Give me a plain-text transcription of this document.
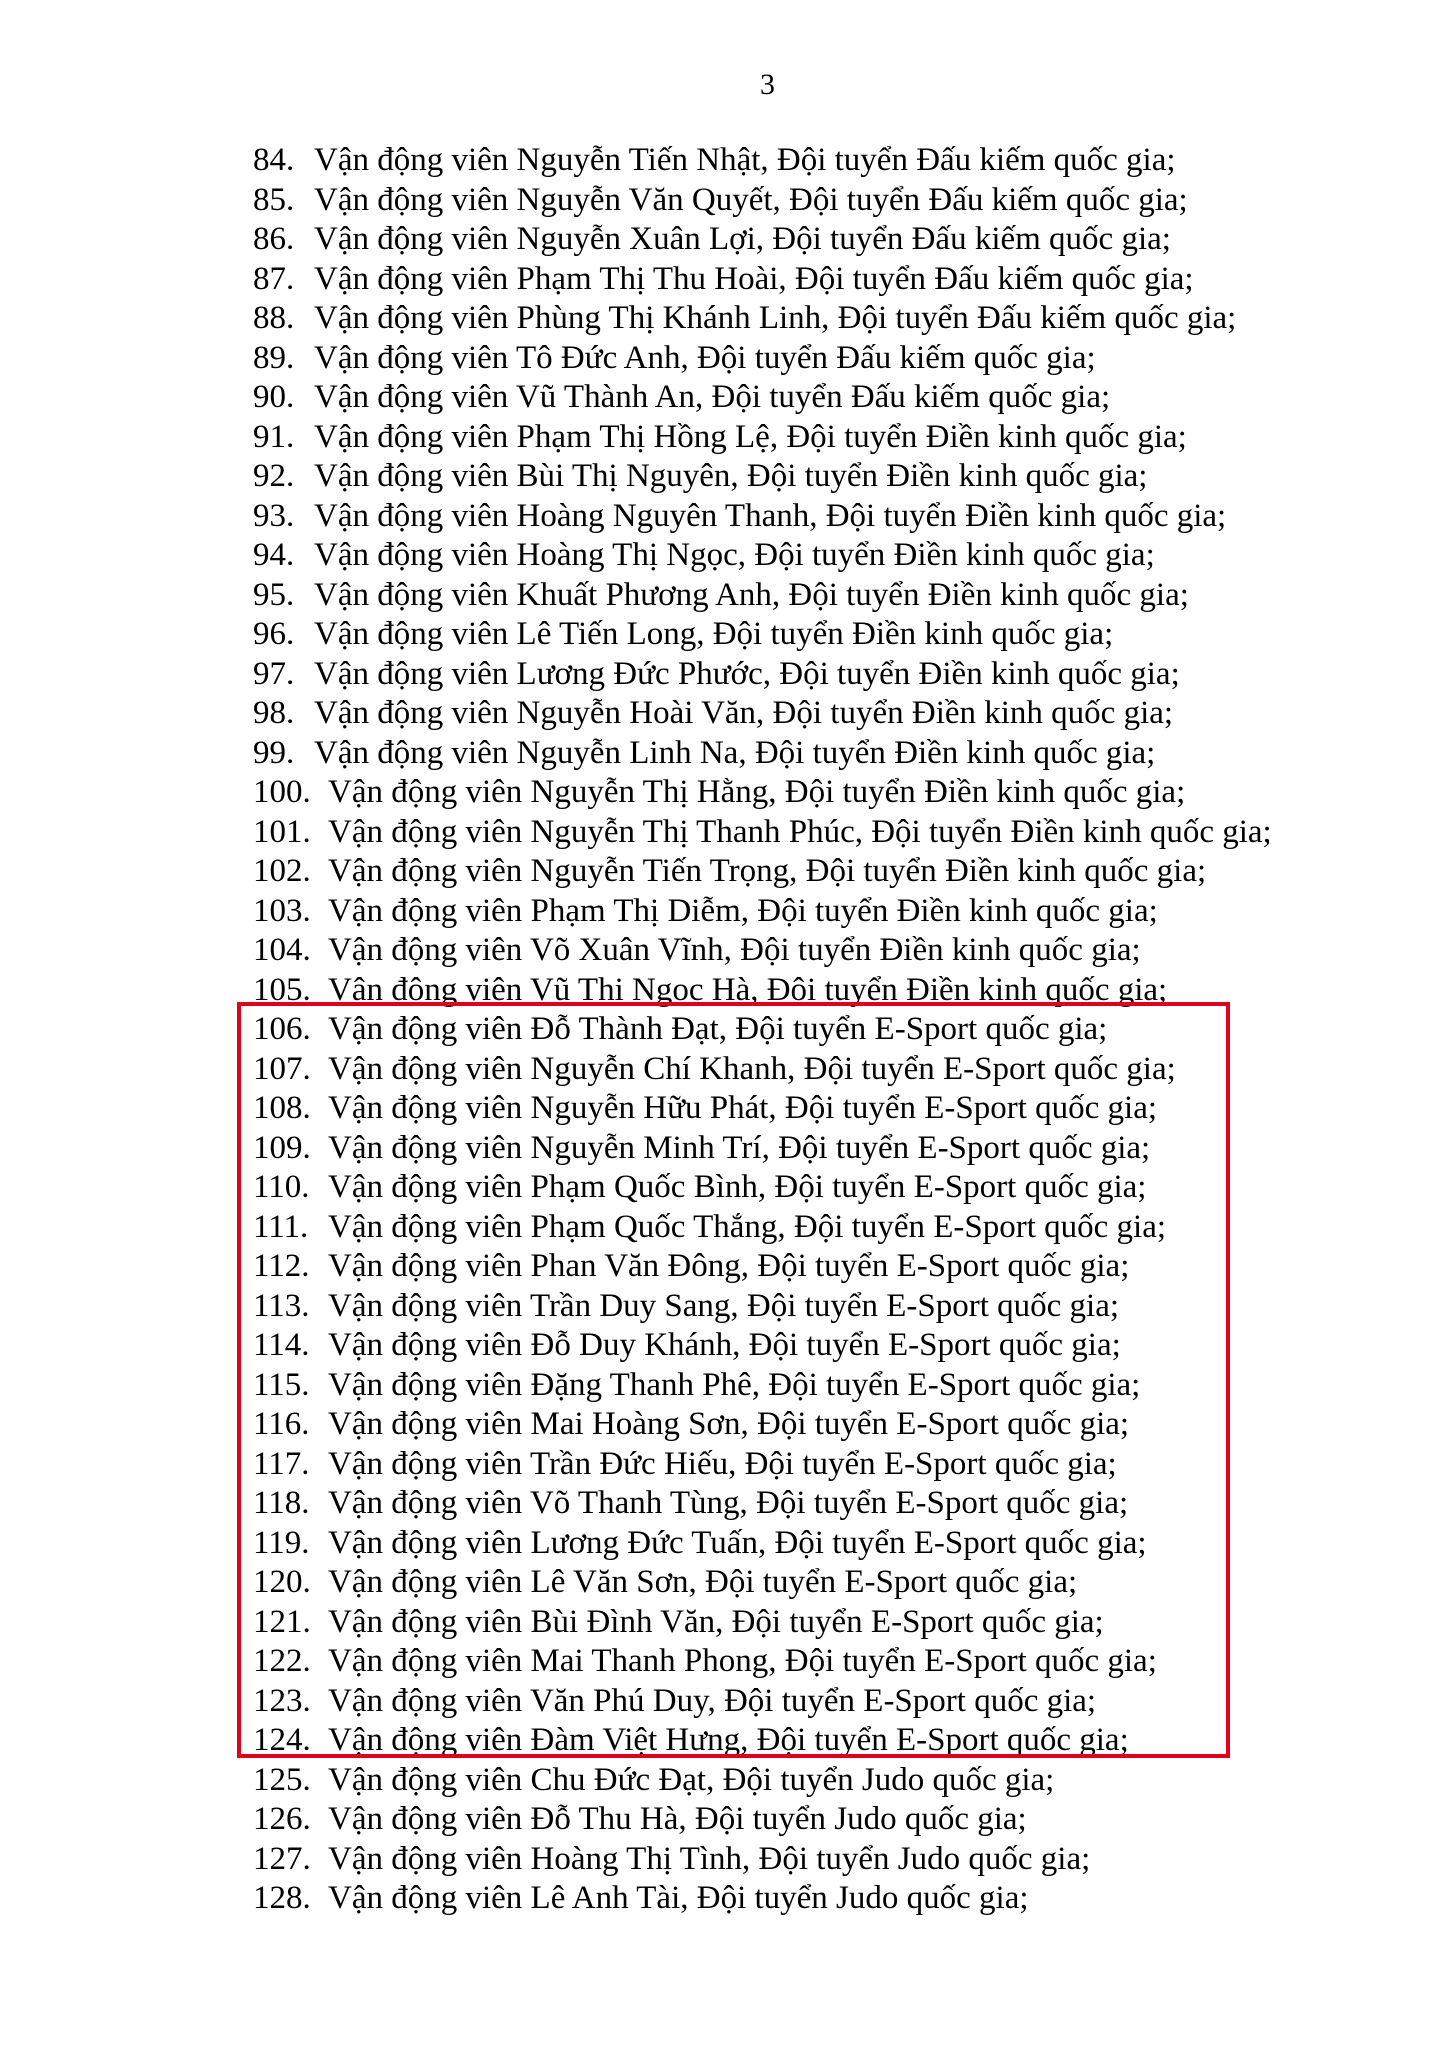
3
84. Vận động viên Nguyễn Tiến Nhật, Đội tuyển Đấu kiếm quốc gia;
85. Vận động viên Nguyễn Văn Quyết, Đội tuyển Đấu kiếm quốc gia;
86. Vận động viên Nguyễn Xuân Lợi, Đội tuyển Đấu kiếm quốc gia;
87. Vận động viên Phạm Thị Thu Hoài, Đội tuyển Đấu kiếm quốc gia;
88. Vận động viên Phùng Thị Khánh Linh, Đội tuyển Đấu kiếm quốc gia;
89. Vận động viên Tô Đức Anh, Đội tuyển Đấu kiếm quốc gia;
90. Vận động viên Vũ Thành An, Đội tuyển Đấu kiếm quốc gia;
91. Vận động viên Phạm Thị Hồng Lệ, Đội tuyển Điền kinh quốc gia;
92. Vận động viên Bùi Thị Nguyên, Đội tuyển Điền kinh quốc gia;
93. Vận động viên Hoàng Nguyên Thanh, Đội tuyển Điền kinh quốc gia;
94. Vận động viên Hoàng Thị Ngọc, Đội tuyển Điền kinh quốc gia;
95. Vận động viên Khuất Phương Anh, Đội tuyển Điền kinh quốc gia;
96. Vận động viên Lê Tiến Long, Đội tuyển Điền kinh quốc gia;
97. Vận động viên Lương Đức Phước, Đội tuyển Điền kinh quốc gia;
98. Vận động viên Nguyễn Hoài Văn, Đội tuyển Điền kinh quốc gia;
99. Vận động viên Nguyễn Linh Na, Đội tuyển Điền kinh quốc gia;
100. Vận động viên Nguyễn Thị Hằng, Đội tuyển Điền kinh quốc gia;
101. Vận động viên Nguyễn Thị Thanh Phúc, Đội tuyển Điền kinh quốc gia;
102. Vận động viên Nguyễn Tiến Trọng, Đội tuyển Điền kinh quốc gia;
103. Vận động viên Phạm Thị Diễm, Đội tuyển Điền kinh quốc gia;
104. Vận động viên Võ Xuân Vĩnh, Đội tuyển Điền kinh quốc gia;
105. Vận động viên Vũ Thị Ngọc Hà, Đội tuyển Điền kinh quốc gia;
106. Vận động viên Đỗ Thành Đạt, Đội tuyển E-Sport quốc gia;
107. Vận động viên Nguyễn Chí Khanh, Đội tuyển E-Sport quốc gia;
108. Vận động viên Nguyễn Hữu Phát, Đội tuyển E-Sport quốc gia;
109. Vận động viên Nguyễn Minh Trí, Đội tuyển E-Sport quốc gia;
110. Vận động viên Phạm Quốc Bình, Đội tuyển E-Sport quốc gia;
111. Vận động viên Phạm Quốc Thắng, Đội tuyển E-Sport quốc gia;
112. Vận động viên Phan Văn Đông, Đội tuyển E-Sport quốc gia;
113. Vận động viên Trần Duy Sang, Đội tuyển E-Sport quốc gia;
114. Vận động viên Đỗ Duy Khánh, Đội tuyển E-Sport quốc gia;
115. Vận động viên Đặng Thanh Phê, Đội tuyển E-Sport quốc gia;
116. Vận động viên Mai Hoàng Sơn, Đội tuyển E-Sport quốc gia;
117. Vận động viên Trần Đức Hiếu, Đội tuyển E-Sport quốc gia;
118. Vận động viên Võ Thanh Tùng, Đội tuyển E-Sport quốc gia;
119. Vận động viên Lương Đức Tuấn, Đội tuyển E-Sport quốc gia;
120. Vận động viên Lê Văn Sơn, Đội tuyển E-Sport quốc gia;
121. Vận động viên Bùi Đình Văn, Đội tuyển E-Sport quốc gia;
122. Vận động viên Mai Thanh Phong, Đội tuyển E-Sport quốc gia;
123. Vận động viên Văn Phú Duy, Đội tuyển E-Sport quốc gia;
124. Vận động viên Đàm Việt Hưng, Đội tuyển E-Sport quốc gia;
125. Vận động viên Chu Đức Đạt, Đội tuyển Judo quốc gia;
126. Vận động viên Đỗ Thu Hà, Đội tuyển Judo quốc gia;
127. Vận động viên Hoàng Thị Tình, Đội tuyển Judo quốc gia;
128. Vận động viên Lê Anh Tài, Đội tuyển Judo quốc gia;
